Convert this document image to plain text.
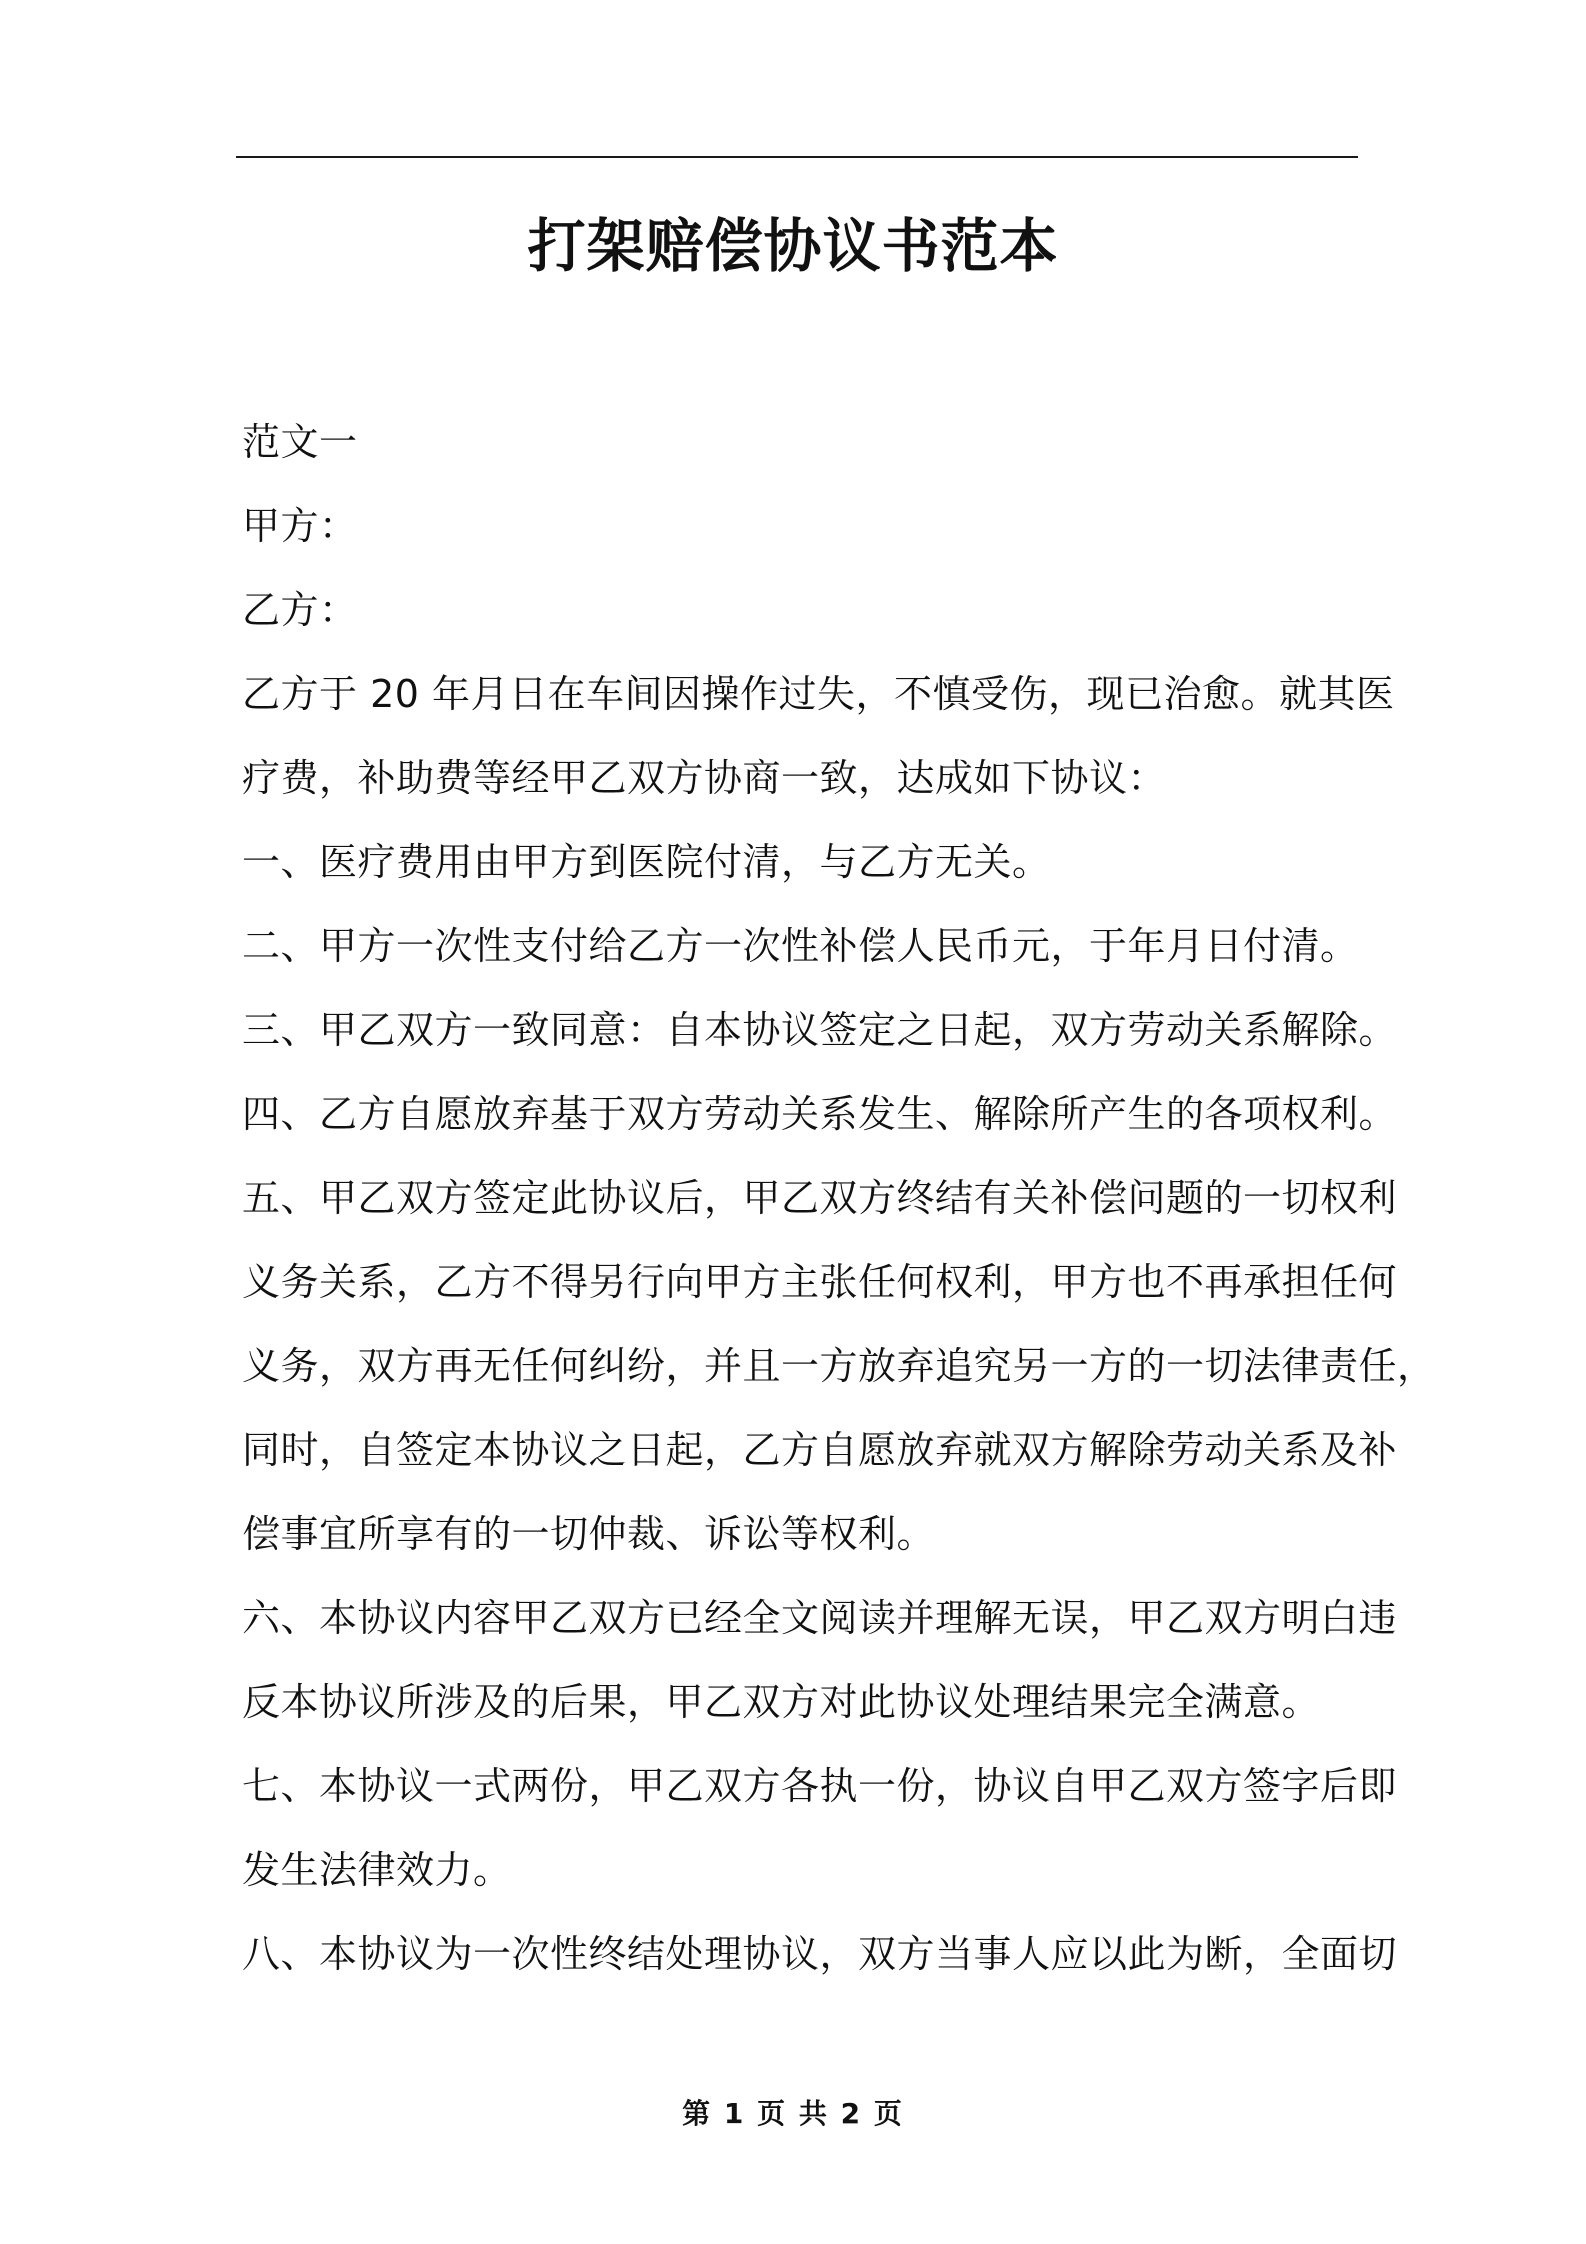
打架赔偿协议书范本

范文一

甲方：

乙方：

乙方于 20 年月日在车间因操作过失，不慎受伤，现已治愈。就其医

疗费，补助费等经甲乙双方协商一致，达成如下协议：

一、医疗费用由甲方到医院付清，与乙方无关。

二、甲方一次性支付给乙方一次性补偿人民币元，于年月日付清。

三、甲乙双方一致同意：自本协议签定之日起，双方劳动关系解除。

四、乙方自愿放弃基于双方劳动关系发生、解除所产生的各项权利。

五、甲乙双方签定此协议后，甲乙双方终结有关补偿问题的一切权利

义务关系，乙方不得另行向甲方主张任何权利，甲方也不再承担任何

义务，双方再无任何纠纷，并且一方放弃追究另一方的一切法律责任，

同时，自签定本协议之日起，乙方自愿放弃就双方解除劳动关系及补

偿事宜所享有的一切仲裁、诉讼等权利。

六、本协议内容甲乙双方已经全文阅读并理解无误，甲乙双方明白违

反本协议所涉及的后果，甲乙双方对此协议处理结果完全满意。

七、本协议一式两份，甲乙双方各执一份，协议自甲乙双方签字后即

发生法律效力。

八、本协议为一次性终结处理协议，双方当事人应以此为断，全面切

第 1 页 共 2 页
